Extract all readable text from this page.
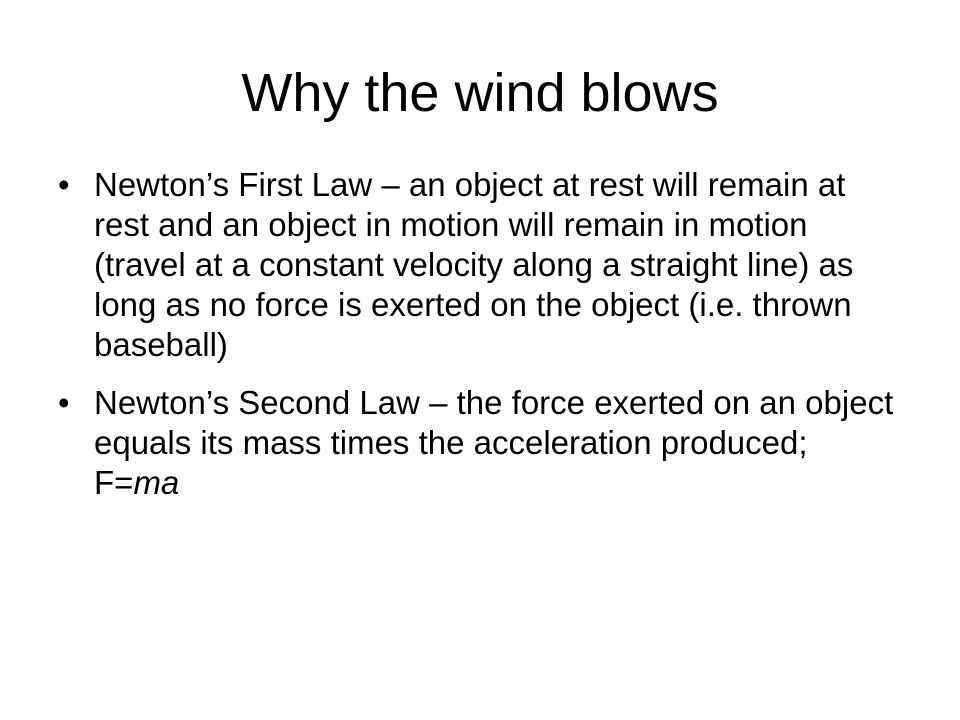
Why the wind blows
• Newton’s First Law – an object at rest will remain at rest and an object in motion will remain in motion (travel at a constant velocity along a straight line) as long as no force is exerted on the object (i.e. thrown baseball)
• Newton’s Second Law – the force exerted on an object equals its mass times the acceleration produced; F=ma
